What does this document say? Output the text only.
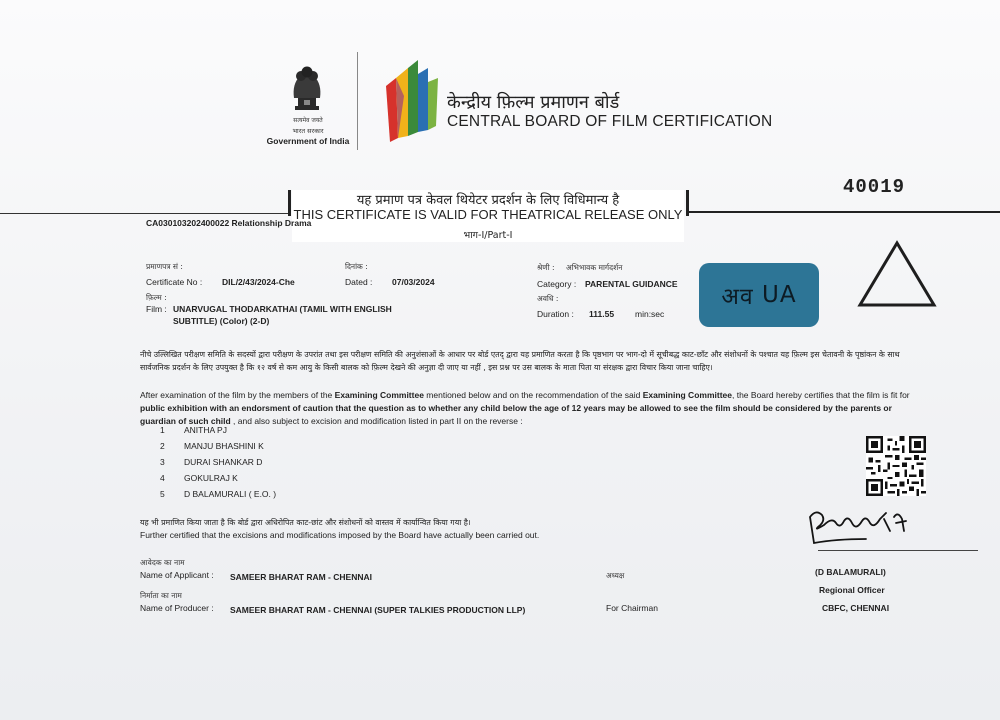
सत्यमेव जयते
भारत सरकार
Government of India
केन्द्रीय फ़िल्म प्रमाणन बोर्ड
CENTRAL BOARD OF FILM CERTIFICATION
40019
यह प्रमाण पत्र केवल थियेटर प्रदर्शन के लिए विधिमान्य है
THIS CERTIFICATE IS VALID FOR THEATRICAL RELEASE ONLY
भाग-I/Part-I
CA030103202400022 Relationship Drama
प्रमाणपत्र सं :
Certificate No : DIL/2/43/2024-Che
दिनांक :
Dated : 07/03/2024
श्रेणी : अभिभावक मार्गदर्शन
Category : PARENTAL GUIDANCE
फ़िल्म :
Film : UNARVUGAL THODARKATHAI (TAMIL WITH ENGLISH
SUBTITLE) (Color) (2-D)
अवधि :
Duration : 111.55 min:sec
अव
UA
नीचे उल्लिखित परीक्षण समिति के सदस्यों द्वारा परीक्षण के उपरांत तथा इस परीक्षण समिति की अनुशंसाओं के आधार पर बोर्ड एतद् द्वारा यह प्रमाणित करता है कि पृष्ठभाग पर भाग-दो में सूचीबद्ध काट-छाँट और संशोधनों के पश्चात यह फ़िल्म इस चेतावनी के पृष्ठांकन के साथ सार्वजनिक प्रदर्शन के लिए उपयुक्त है कि १२ वर्ष से कम आयु के किसी बालक को फ़िल्म देखने की अनुज्ञा दी जाए या नहीं , इस प्रश्न पर उस बालक के माता पिता या संरक्षक द्वारा विचार किया जाना चाहिए।
After examination of the film by the members of the Examining Committee mentioned below and on the recommendation of the said Examining Committee, the Board hereby certifies that the film is fit for public exhibition with an endorsment of caution that the question as to whether any child below the age of 12 years may be allowed to see the film should be considered by the parents or guardian of such child , and also subject to excision and modification listed in part II on the reverse :
1 ANITHA PJ
2 MANJU BHASHINI K
3 DURAI SHANKAR D
4 GOKULRAJ K
5 D BALAMURALI ( E.O. )
यह भी प्रमाणित किया जाता है कि बोर्ड द्वारा अधिरोपित काट-छांट और संशोधनों को वास्तव में कार्यान्वित किया गया है।
Further certified that the excisions and modifications imposed by the Board have actually been carried out.
आवेदक का नाम
Name of Applicant : SAMEER BHARAT RAM - CHENNAI
निर्माता का नाम
Name of Producer : SAMEER BHARAT RAM - CHENNAI (SUPER TALKIES PRODUCTION LLP)
अध्यक्ष
For Chairman
(D BALAMURALI)
Regional Officer
CBFC, CHENNAI
